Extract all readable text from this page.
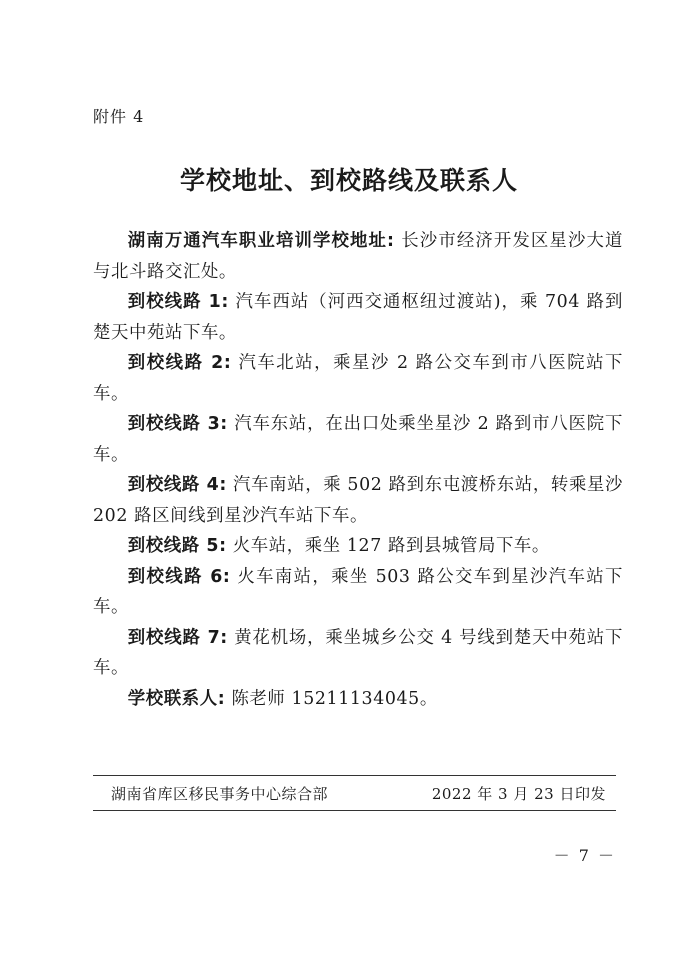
附件 4
学校地址、到校路线及联系人

湖南万通汽车职业培训学校地址: 长沙市经济开发区星沙大道与北斗路交汇处。

到校线路 1: 汽车西站（河西交通枢纽过渡站)，乘 704 路到楚天中苑站下车。

到校线路 2: 汽车北站，乘星沙 2 路公交车到市八医院站下车。

到校线路 3: 汽车东站，在出口处乘坐星沙 2 路到市八医院下车。

到校线路 4: 汽车南站，乘 502 路到东屯渡桥东站，转乘星沙 202 路区间线到星沙汽车站下车。

到校线路 5: 火车站，乘坐 127 路到县城管局下车。

到校线路 6: 火车南站，乘坐 503 路公交车到星沙汽车站下车。

到校线路 7: 黄花机场，乘坐城乡公交 4 号线到楚天中苑站下车。

学校联系人: 陈老师 15211134045。

湖南省库区移民事务中心综合部	2022 年 3 月 23 日印发
－ 7 －
